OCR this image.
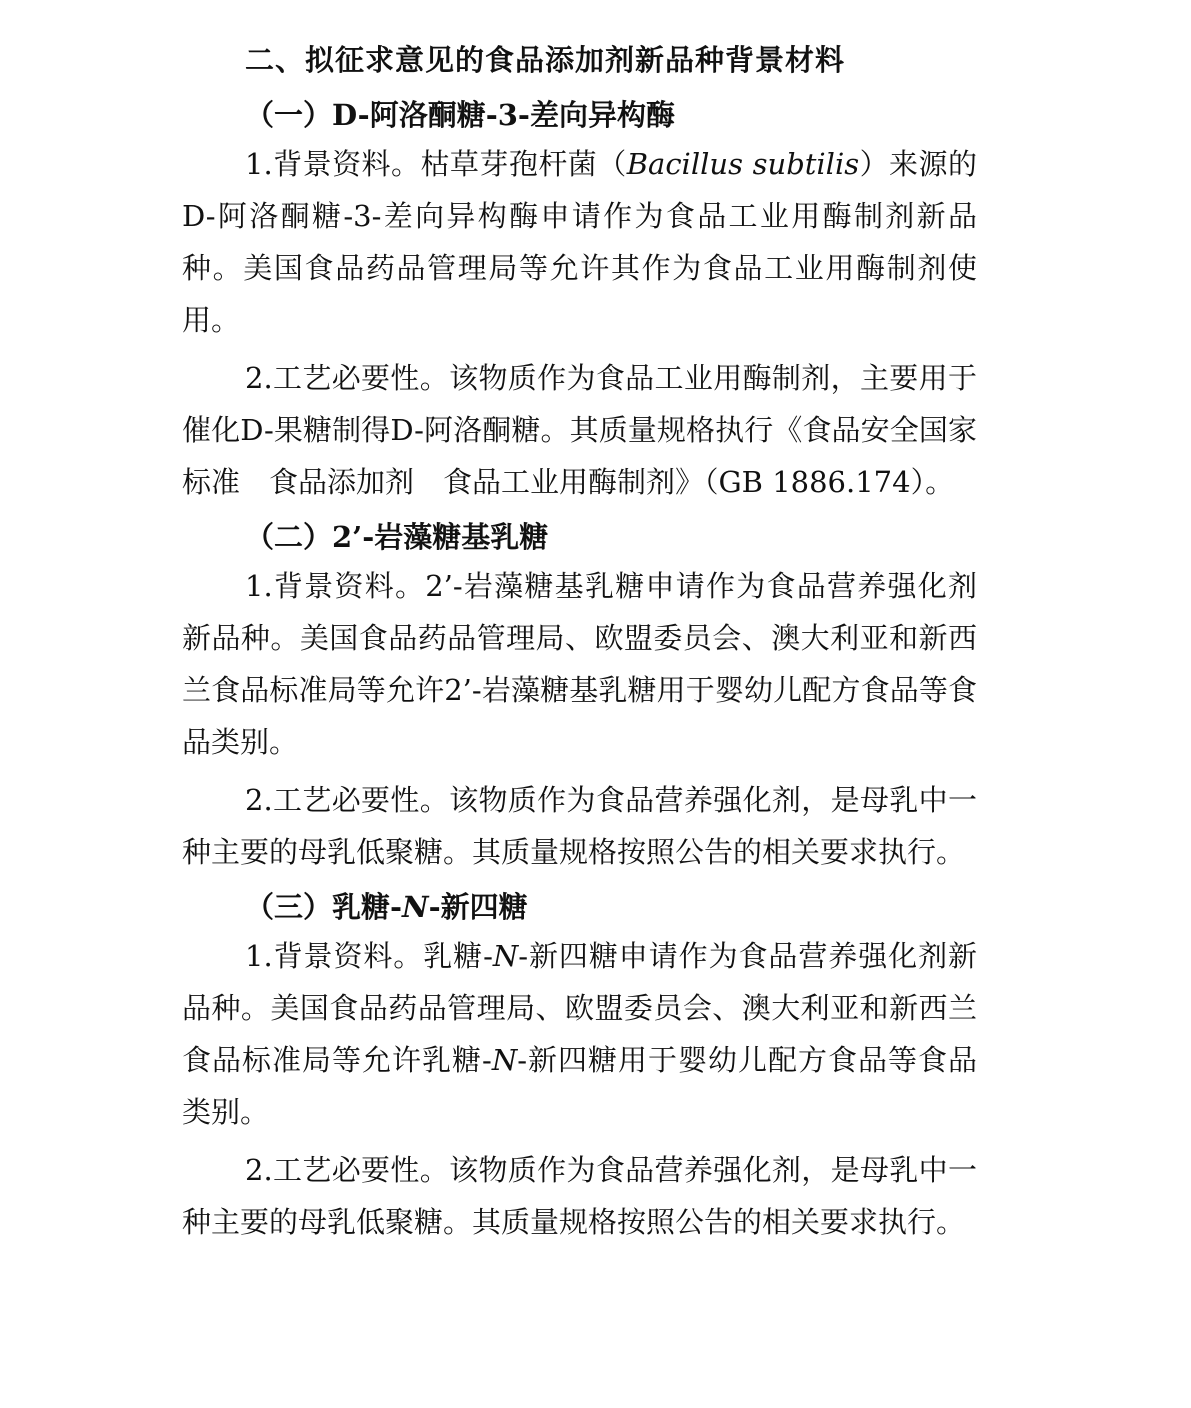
二、拟征求意见的食品添加剂新品种背景材料
（一）D-阿洛酮糖-3-差向异构酶

1.背景资料。枯草芽孢杆菌（Bacillus subtilis）来源的D-阿洛酮糖-3-差向异构酶申请作为食品工业用酶制剂新品种。美国食品药品管理局等允许其作为食品工业用酶制剂使用。

2.工艺必要性。该物质作为食品工业用酶制剂，主要用于催化D-果糖制得D-阿洛酮糖。其质量规格执行《食品安全国家标准　食品添加剂　食品工业用酶制剂》（GB 1886.174）。

（二）2’-岩藻糖基乳糖

1.背景资料。2’-岩藻糖基乳糖申请作为食品营养强化剂新品种。美国食品药品管理局、欧盟委员会、澳大利亚和新西兰食品标准局等允许2’-岩藻糖基乳糖用于婴幼儿配方食品等食品类别。

2.工艺必要性。该物质作为食品营养强化剂，是母乳中一种主要的母乳低聚糖。其质量规格按照公告的相关要求执行。

（三）乳糖-N-新四糖

1.背景资料。乳糖-N-新四糖申请作为食品营养强化剂新品种。美国食品药品管理局、欧盟委员会、澳大利亚和新西兰食品标准局等允许乳糖-N-新四糖用于婴幼儿配方食品等食品类别。

2.工艺必要性。该物质作为食品营养强化剂，是母乳中一种主要的母乳低聚糖。其质量规格按照公告的相关要求执行。
